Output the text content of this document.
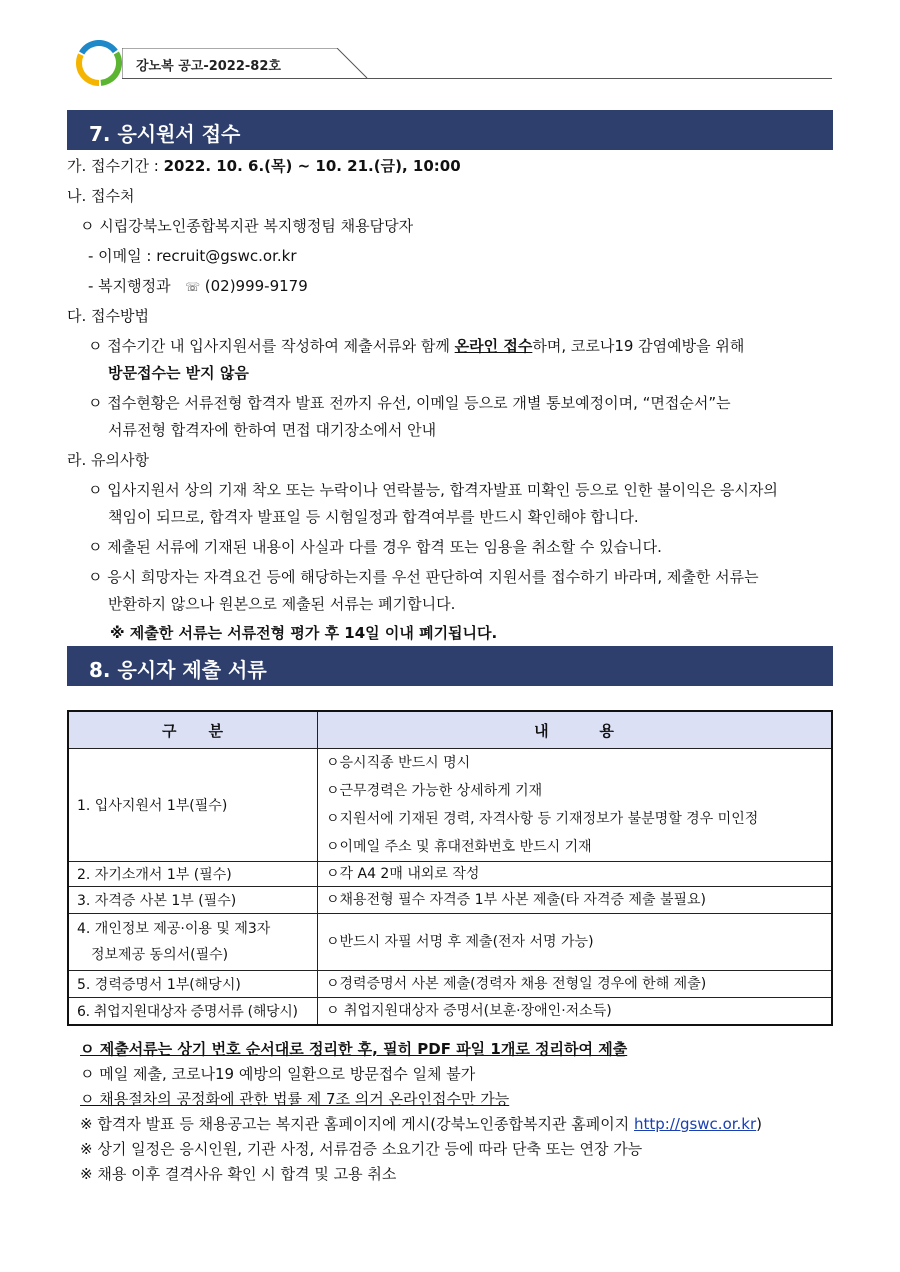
강노복 공고-2022-82호
7. 응시원서 접수
가. 접수기간 : 2022. 10. 6.(목) ~ 10. 21.(금), 10:00
나. 접수처
ㅇ 시립강북노인종합복지관 복지행정팀 채용담당자
- 이메일 : recruit@gswc.or.kr
- 복지행정과 ☏ (02)999-9179
다. 접수방법
ㅇ 접수기간 내 입사지원서를 작성하여 제출서류와 함께 온라인 접수하며, 코로나19 감염예방을 위해
방문접수는 받지 않음
ㅇ 접수현황은 서류전형 합격자 발표 전까지 유선, 이메일 등으로 개별 통보예정이며, “면접순서”는
서류전형 합격자에 한하여 면접 대기장소에서 안내
라. 유의사항
ㅇ 입사지원서 상의 기재 착오 또는 누락이나 연락불능, 합격자발표 미확인 등으로 인한 불이익은 응시자의
책임이 되므로, 합격자 발표일 등 시험일정과 합격여부를 반드시 확인해야 합니다.
ㅇ 제출된 서류에 기재된 내용이 사실과 다를 경우 합격 또는 임용을 취소할 수 있습니다.
ㅇ 응시 희망자는 자격요건 등에 해당하는지를 우선 판단하여 지원서를 접수하기 바라며, 제출한 서류는
반환하지 않으나 원본으로 제출된 서류는 폐기합니다.
※ 제출한 서류는 서류전형 평가 후 14일 이내 폐기됩니다.
8. 응시자 제출 서류
구     분	내        용
1. 입사지원서 1부(필수)	ㅇ응시직종 반드시 명시
ㅇ근무경력은 가능한 상세하게 기재
ㅇ지원서에 기재된 경력, 자격사항 등 기재정보가 불분명할 경우 미인정
ㅇ이메일 주소 및 휴대전화번호 반드시 기재

2. 자기소개서 1부 (필수)	ㅇ각 A4 2매 내외로 작성

3. 자격증 사본 1부 (필수)	ㅇ채용전형 필수 자격증 1부 사본 제출(타 자격증 제출 불필요)

4. 개인정보 제공·이용 및 제3자
정보제공 동의서(필수)	ㅇ반드시 자필 서명 후 제출(전자 서명 가능)

5. 경력증명서 1부(해당시)	ㅇ경력증명서 사본 제출(경력자 채용 전형일 경우에 한해 제출)

6. 취업지원대상자 증명서류 (해당시)	ㅇ 취업지원대상자 증명서(보훈·장애인·저소득)
ㅇ 제출서류는 상기 번호 순서대로 정리한 후, 필히 PDF 파일 1개로 정리하여 제출
ㅇ 메일 제출, 코로나19 예방의 일환으로 방문접수 일체 불가
ㅇ 채용절차의 공정화에 관한 법률 제 7조 의거 온라인접수만 가능
※ 합격자 발표 등 채용공고는 복지관 홈페이지에 게시(강북노인종합복지관 홈페이지 http://gswc.or.kr)
※ 상기 일정은 응시인원, 기관 사정, 서류검증 소요기간 등에 따라 단축 또는 연장 가능
※ 채용 이후 결격사유 확인 시 합격 및 고용 취소
